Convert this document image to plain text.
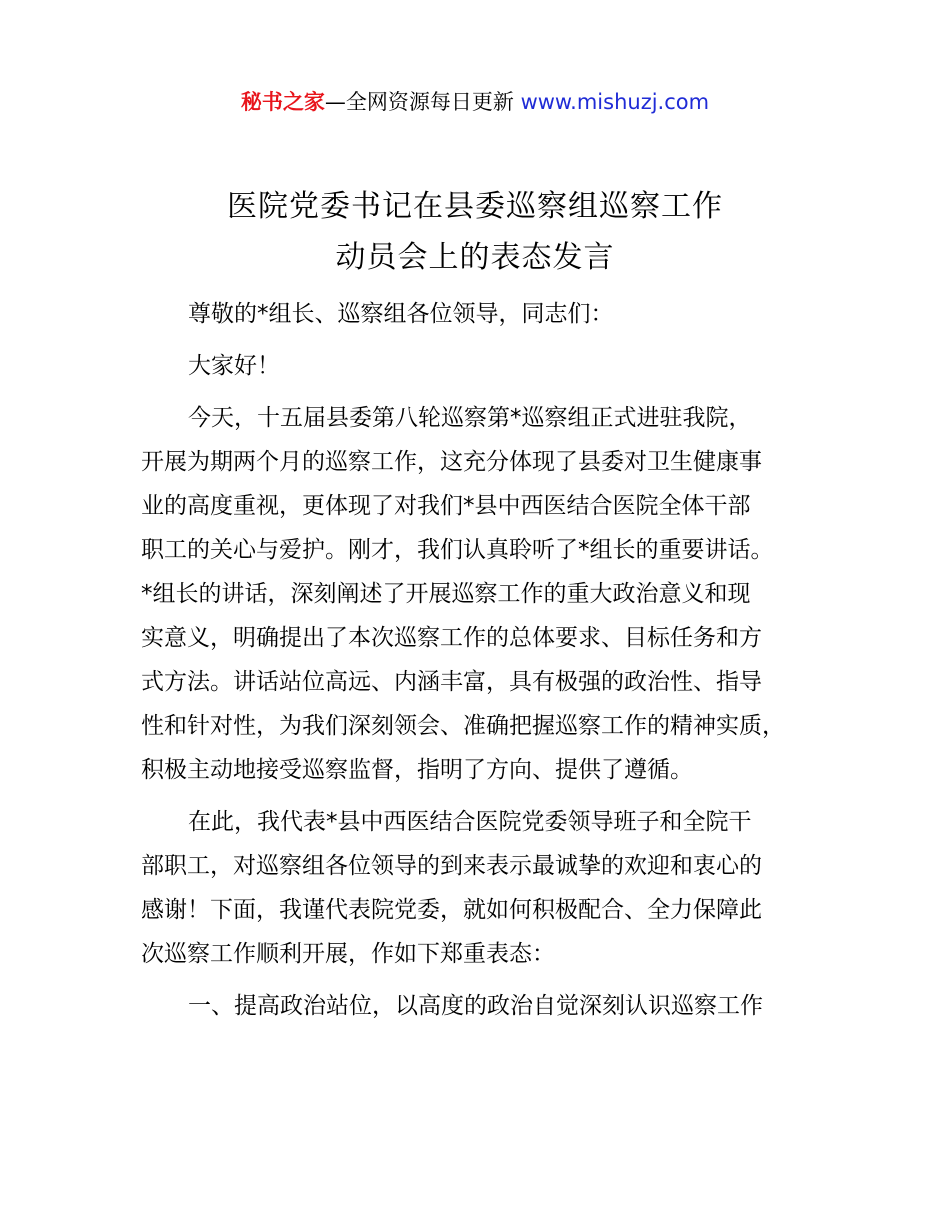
秘书之家—全网资源每日更新 www.mishuzj.com
医院党委书记在县委巡察组巡察工作
动员会上的表态发言
尊敬的*组长、巡察组各位领导，同志们：
大家好！
今天，十五届县委第八轮巡察第*巡察组正式进驻我院，
开展为期两个月的巡察工作，这充分体现了县委对卫生健康事
业的高度重视，更体现了对我们*县中西医结合医院全体干部
职工的关心与爱护。刚才，我们认真聆听了*组长的重要讲话。
*组长的讲话，深刻阐述了开展巡察工作的重大政治意义和现
实意义，明确提出了本次巡察工作的总体要求、目标任务和方
式方法。讲话站位高远、内涵丰富，具有极强的政治性、指导
性和针对性，为我们深刻领会、准确把握巡察工作的精神实质，
积极主动地接受巡察监督，指明了方向、提供了遵循。
在此，我代表*县中西医结合医院党委领导班子和全院干
部职工，对巡察组各位领导的到来表示最诚挚的欢迎和衷心的
感谢！下面，我谨代表院党委，就如何积极配合、全力保障此
次巡察工作顺利开展，作如下郑重表态：
一、提高政治站位，以高度的政治自觉深刻认识巡察工作
